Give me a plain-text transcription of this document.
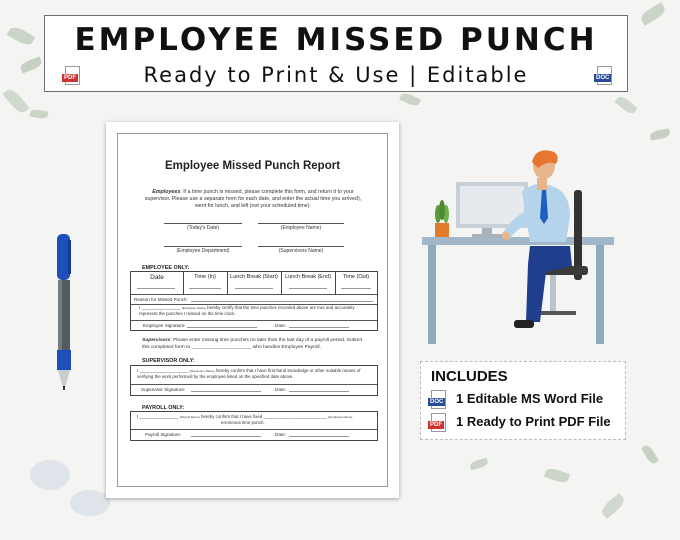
EMPLOYEE MISSED PUNCH
PDF	Ready to Print & Use | Editable	DOC
Employee Missed Punch Report
Employees: If a time punch is missed, please complete this form, and return it to your supervisor. Please use a separate form for each date, and enter the actual time you arrived), went for lunch, and left (not your scheduled time).
(Today's Date)	(Employee Name)
(Employee Department)	(Supervisors Name)
EMPLOYEE ONLY:
Date	Time (In)	Lunch Break (Start)	Lunch Break (End)	Time (Out)
Reason for Missed Punch:
I ________________ (Employee Name) hereby certify that the time punches recorded above are true and accurately represent the punches I missed on the time clock.
Employee Signature:	Date:
Supervisors: Please enter missing time punches no later than the last day of a payroll period. Submit this completed form to ______________________ who handles Employee Payroll.
SUPERVISOR ONLY:
I ____________________ (Supervisor Name) hereby confirm that I have first-hand knowledge or other suitable means of verifying the work performed by the employee listed on the specified date above.
Supervisor Signature:	Date:
PAYROLL ONLY:
I ________________ (Payroll Name) hereby confirm that I have fixed __________________________ (Employee Name)
erroneous time punch.
Payroll Signature:	Date:
INCLUDES
DOC 1 Editable MS Word File
PDF 1 Ready to Print PDF File
